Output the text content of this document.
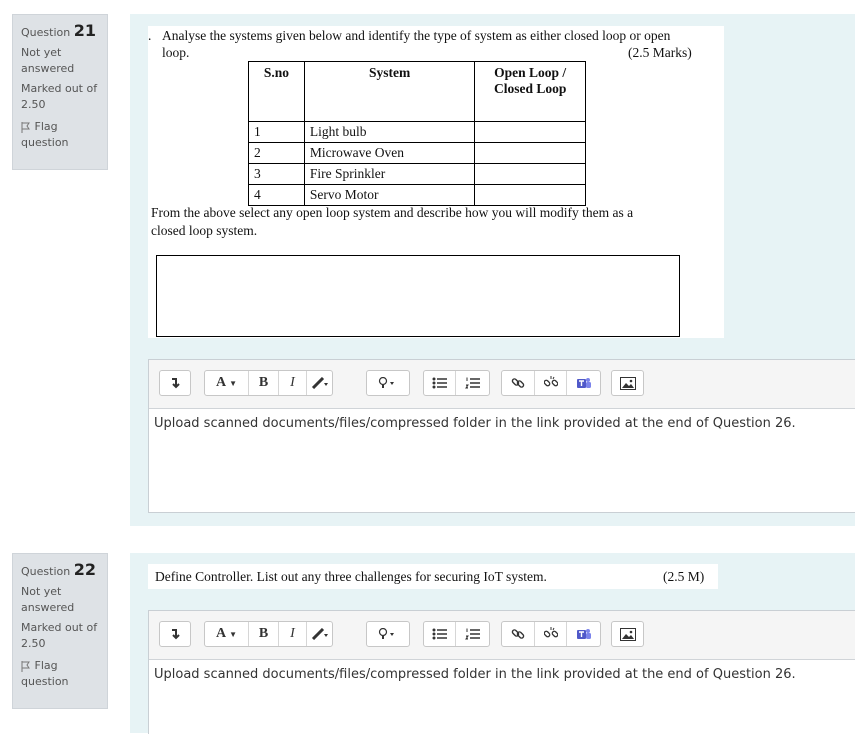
Question 21
Not yet answered
Marked out of
2.50
Flag question
. Analyse the systems given below and identify the type of system as either closed loop or open
loop.	(2.5 Marks)
S.no	System	Open Loop /
Closed Loop
1	Light bulb	
2	Microwave Oven	
3	Fire Sprinkler	
4	Servo Motor	
From the above select any open loop system and describe how you will modify them as a
closed loop system.
A ▼	B	I
Upload scanned documents/files/compressed folder in the link provided at the end of Question 26.
Question 22
Not yet answered
Marked out of
2.50
Flag question
Define Controller. List out any three challenges for securing IoT system.	(2.5 M)
A ▼	B	I
Upload scanned documents/files/compressed folder in the link provided at the end of Question 26.
